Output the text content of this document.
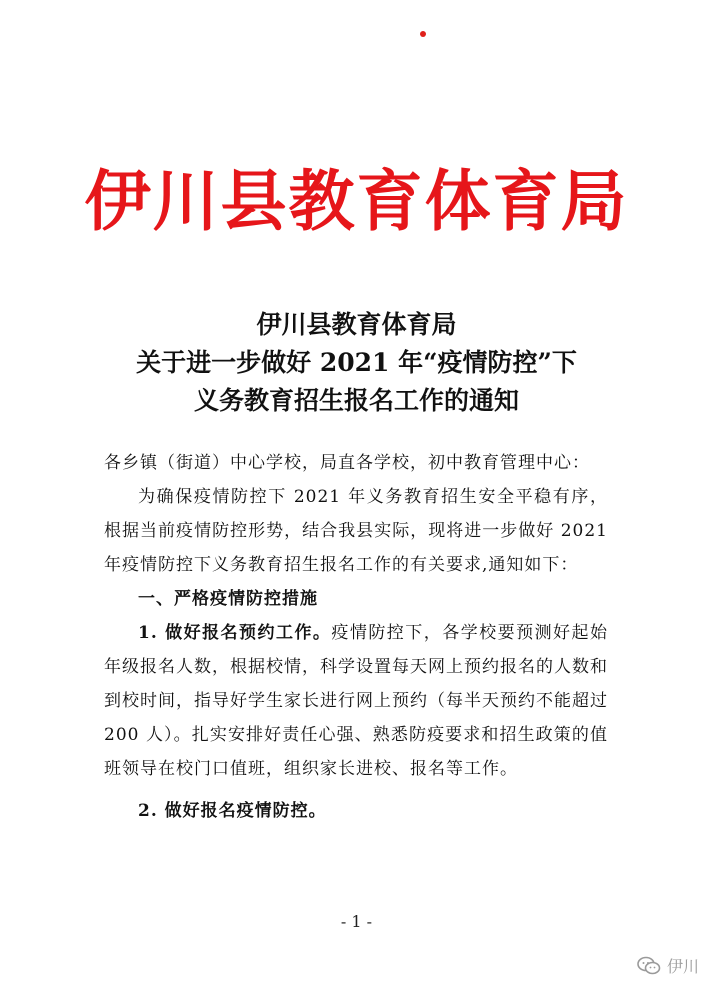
伊川县教育体育局
伊川县教育体育局
关于进一步做好 2021 年“疫情防控”下
义务教育招生报名工作的通知

各乡镇（街道）中心学校，局直各学校，初中教育管理中心：

为确保疫情防控下 2021 年义务教育招生安全平稳有序，根据当前疫情防控形势，结合我县实际，现将进一步做好 2021 年疫情防控下义务教育招生报名工作的有关要求,通知如下：

一、严格疫情防控措施

1. 做好报名预约工作。疫情防控下，各学校要预测好起始年级报名人数，根据校情，科学设置每天网上预约报名的人数和到校时间，指导好学生家长进行网上预约（每半天预约不能超过 200 人）。扎实安排好责任心强、熟悉防疫要求和招生政策的值班领导在校门口值班，组织家长进校、报名等工作。

2. 做好报名疫情防控。

- 1 -
伊川
